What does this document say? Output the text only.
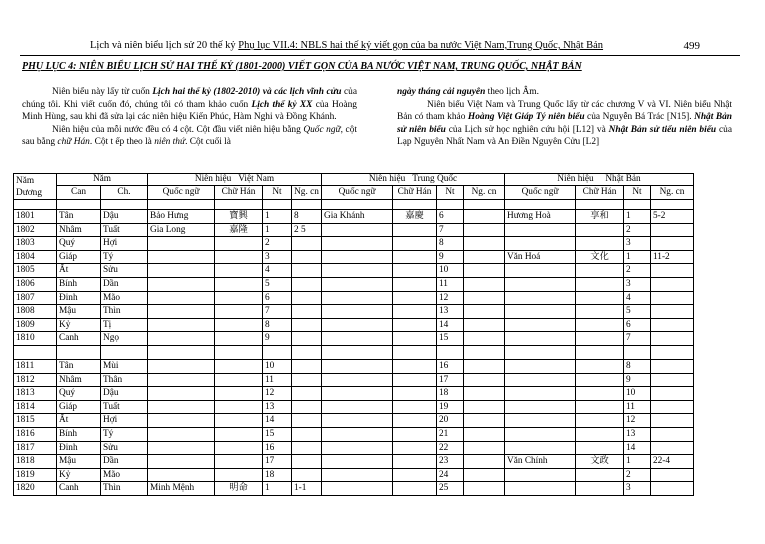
Lịch và niên biểu lịch sử 20 thế kỷ Phụ lục VII.4: NBLS hai thế kỷ viết gọn của ba nước Việt Nam,Trung Quốc, Nhật Bản	499
PHỤ LỤC 4: NIÊN BIỂU LỊCH SỬ HAI THẾ KỶ (1801-2000) VIẾT GỌN CỦA BA NƯỚC VIỆT NAM, TRUNG QUỐC, NHẬT BẢN

Niên biểu này lấy từ cuốn Lịch hai thế kỷ (1802-2010) và các lịch vĩnh cửu của chúng tôi. Khi viết cuốn đó, chúng tôi có tham khảo cuốn Lịch thế kỷ XX của Hoàng Minh Hùng, sau khi đã sửa lại các niên hiệu Kiến Phúc, Hàm Nghi và Đồng Khánh.

Niên hiệu của mỗi nước đều có 4 cột. Cột đầu viết niên hiệu bằng Quốc ngữ, cột sau bằng chữ Hán. Cột t ếp theo là niên thứ. Cột cuối là

ngày tháng cải nguyên theo lịch Âm.

Niên biểu Việt Nam và Trung Quốc lấy từ các chương V và VI. Niên biểu Nhật Bản có tham khảo Hoàng Việt Giáp Tý niên biểu của Nguyễn Bá Trác [N15]. Nhật Bản sử niên biểu của Lịch sử học nghiên cứu hội [L12] và Nhật Bản sử tiểu niên biểu của Lạp Nguyên Nhất Nam và An Điền Nguyên Cửu [L2]

Năm
Dương	Năm		Niên hiệu Việt Nam				Niên hiệu Trung Quốc				Niên hiệu Nhật Bản			
	Can	Ch.	Quốc ngữ	Chữ Hán	Nt	Ng. cn	Quốc ngữ	Chữ Hán	Nt	Ng. cn	Quốc ngữ	Chữ Hán	Nt	Ng. cn

1801	Tân	Dậu	Bảo Hưng	寶興	1	8	Gia Khánh	嘉慶	6		Hương Hoà	享和	1	5-2
1802	Nhâm	Tuất	Gia Long	嘉隆	1	2 5			7				2	
1803	Quý	Hợi			2				8				3	
1804	Giáp	Tý			3				9		Văn Hoá	文化	1	11-2
1805	Ất	Sửu			4				10				2	
1806	Bính	Dần			5				11				3	
1807	Đinh	Mão			6				12				4	
1808	Mậu	Thìn			7				13				5	
1809	Kỷ	Tị			8				14				6	
1810	Canh	Ngọ			9				15				7	

1811	Tân	Mùi			10				16				8	
1812	Nhâm	Thân			11				17				9	
1813	Quý	Dậu			12				18				10	
1814	Giáp	Tuất			13				19				11	
1815	Ất	Hợi			14				20				12	
1816	Bính	Tý			15				21				13	
1817	Đinh	Sửu			16				22				14	
1818	Mậu	Dần			17				23		Văn Chính	文政	1	22-4
1819	Kỷ	Mão			18				24				2	
1820	Canh	Thìn	Minh Mệnh	明命	1	1-1			25				3	
